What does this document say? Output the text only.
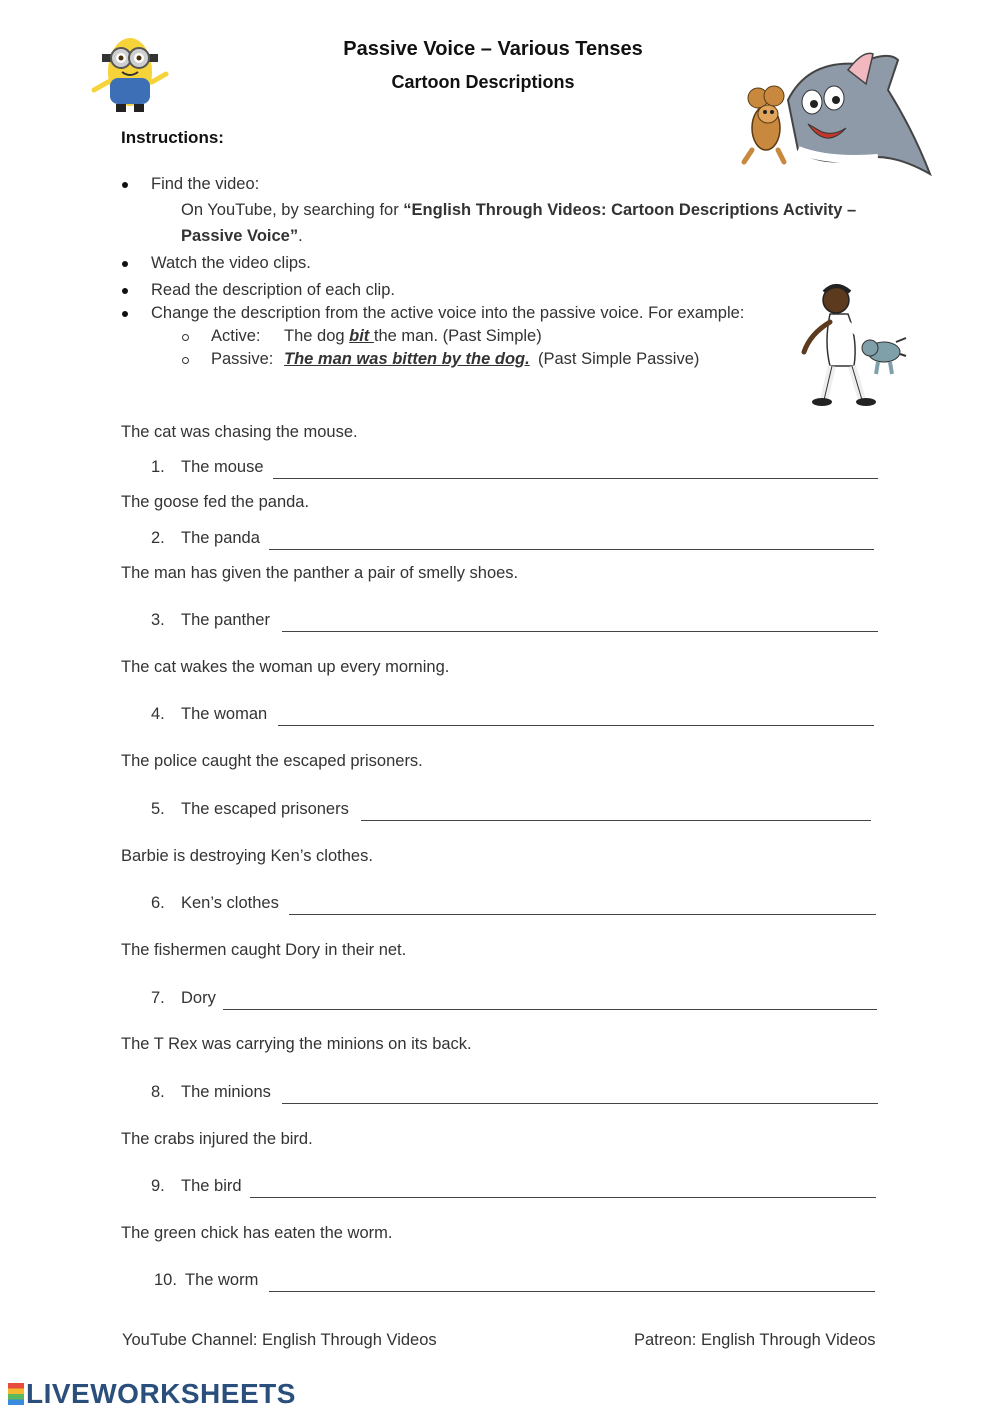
Passive Voice – Various Tenses
Cartoon Descriptions
Instructions:
Find the video:
On YouTube, by searching for “English Through Videos: Cartoon Descriptions Activity –
Passive Voice”.
Watch the video clips.
Read the description of each clip.
Change the description from the active voice into the passive voice. For example:
Active: The dog bit the man. (Past Simple)
Passive: The man was bitten by the dog. (Past Simple Passive)
The cat was chasing the mouse.
1. The mouse
The goose fed the panda.
2. The panda
The man has given the panther a pair of smelly shoes.
3. The panther
The cat wakes the woman up every morning.
4. The woman
The police caught the escaped prisoners.
5. The escaped prisoners
Barbie is destroying Ken’s clothes.
6. Ken’s clothes
The fishermen caught Dory in their net.
7. Dory
The T Rex was carrying the minions on its back.
8. The minions
The crabs injured the bird.
9. The bird
The green chick has eaten the worm.
10. The worm
YouTube Channel: English Through Videos	Patreon: English Through Videos
LIVEWORKSHEETS
